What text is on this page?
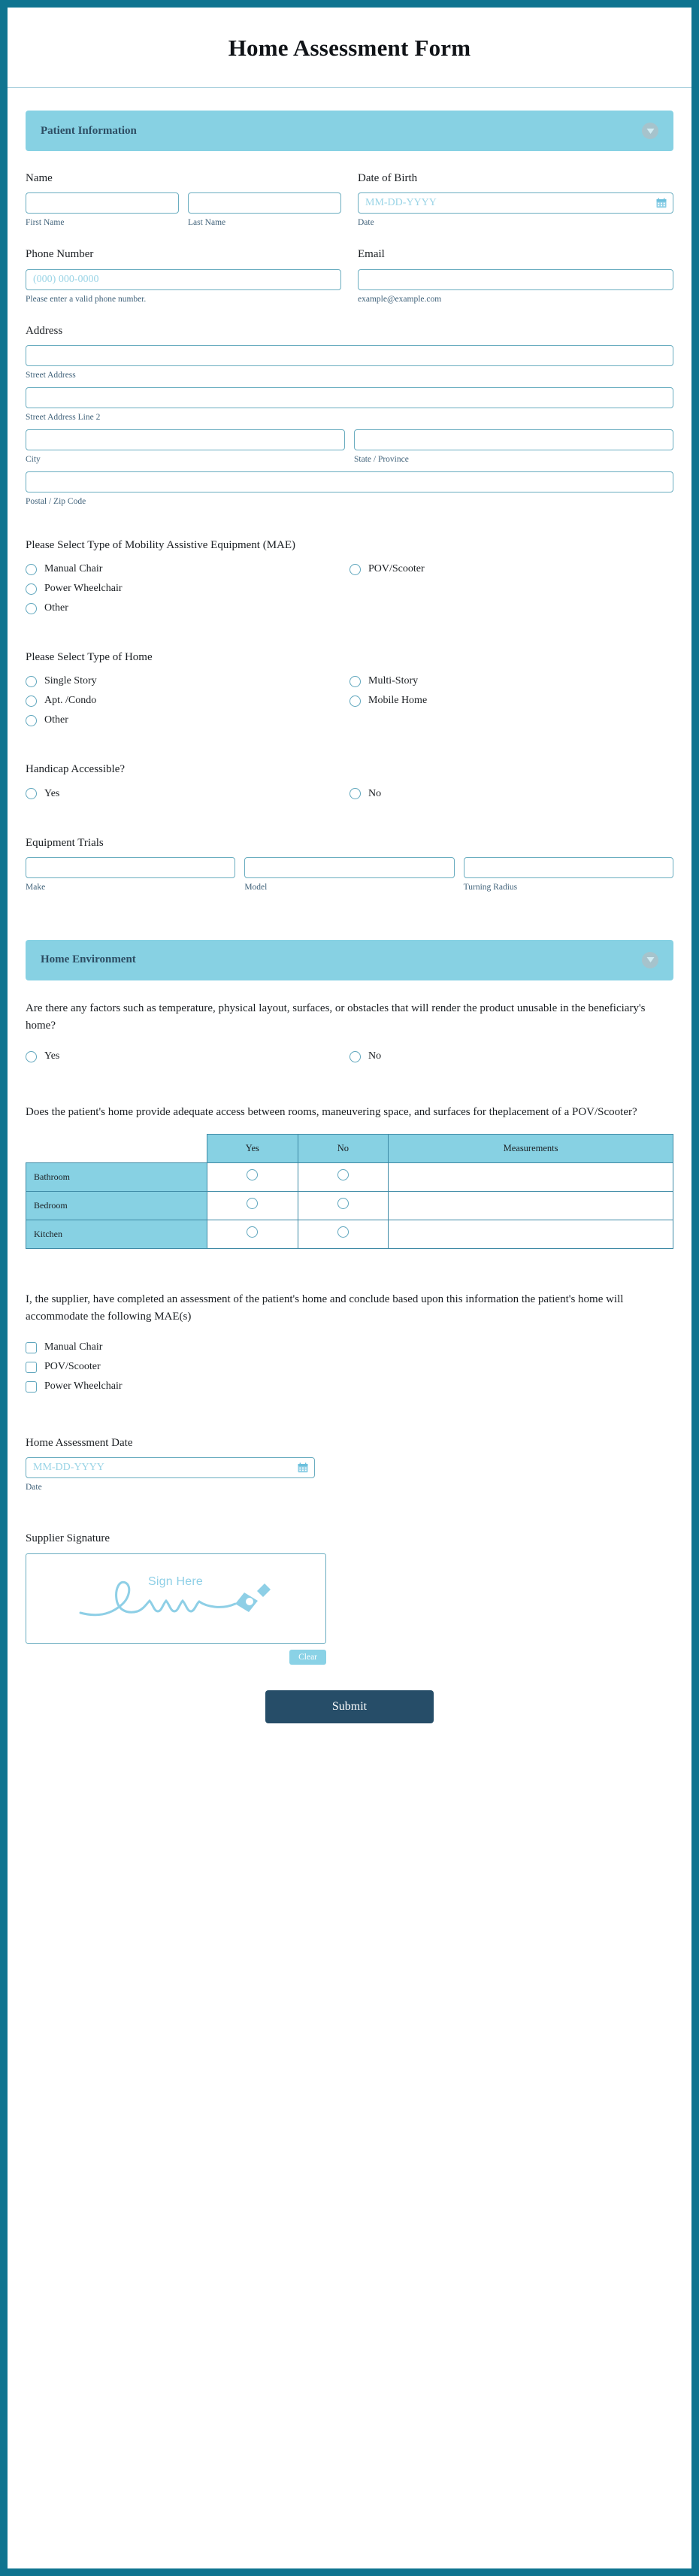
Home Assessment Form
Patient Information
Name
First Name	Last Name
Date of Birth
MM-DD-YYYY
Date
Phone Number
(000) 000-0000
Please enter a valid phone number.
Email
example@example.com
Address
Street Address
Street Address Line 2
City	State / Province
Postal / Zip Code
Please Select Type of Mobility Assistive Equipment (MAE)
Manual Chair	POV/Scooter
Power Wheelchair
Other
Please Select Type of Home
Single Story	Multi-Story
Apt. /Condo	Mobile Home
Other
Handicap Accessible?
Yes	No
Equipment Trials
Make	Model	Turning Radius
Home Environment
Are there any factors such as temperature, physical layout, surfaces, or obstacles that will render the product unusable in the beneficiary's home?
Yes	No
Does the patient's home provide adequate access between rooms, maneuvering space, and surfaces for theplacement of a POV/Scooter?
	Yes	No	Measurements
Bathroom			
Bedroom			
Kitchen			
I, the supplier, have completed an assessment of the patient's home and conclude based upon this information the patient's home will accommodate the following MAE(s)
Manual Chair
POV/Scooter
Power Wheelchair
Home Assessment Date
MM-DD-YYYY
Date
Supplier Signature
Sign Here
Clear
Submit
